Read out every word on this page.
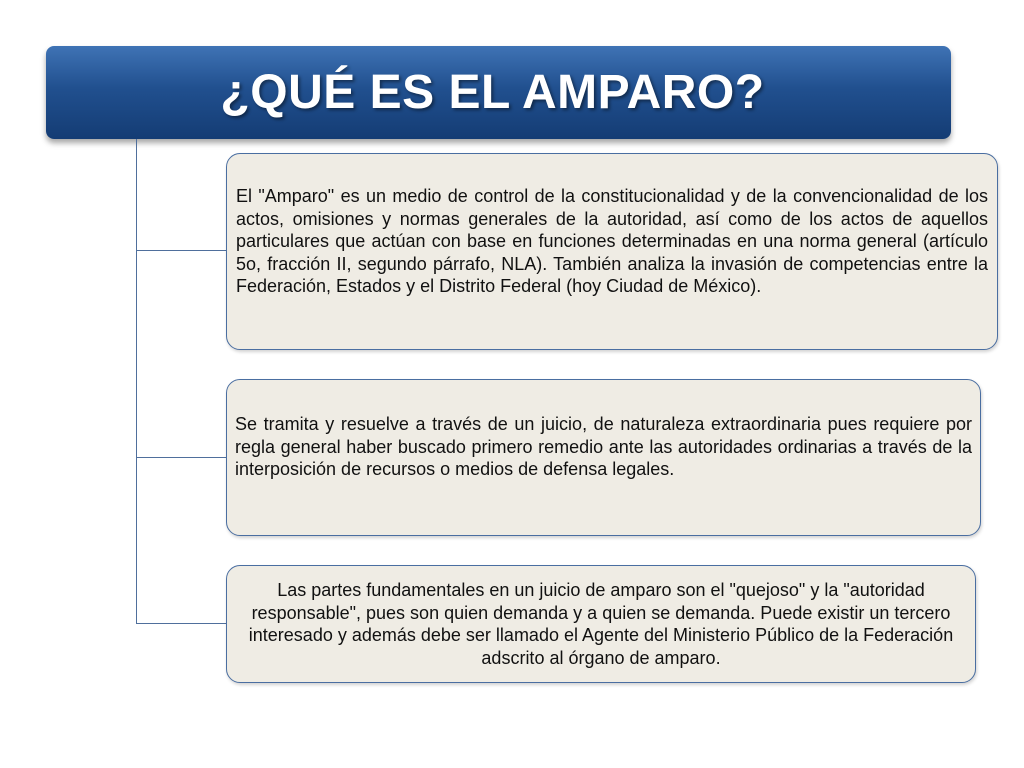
¿QUÉ ES EL AMPARO?

El "Amparo" es un medio de control de la constitucionalidad y de la convencionalidad de los actos, omisiones y normas generales de la autoridad, así como de los actos de aquellos particulares que actúan con base en funciones determinadas en una norma general (artículo 5o, fracción II, segundo párrafo, NLA). También analiza la invasión de competencias entre la Federación, Estados y el Distrito Federal (hoy Ciudad de México).

Se tramita y resuelve a través de un juicio, de naturaleza extraordinaria pues requiere por regla general haber buscado primero remedio ante las autoridades ordinarias a través de la interposición de recursos o medios de defensa legales.

Las partes fundamentales en un juicio de amparo son el "quejoso" y la "autoridad responsable", pues son quien demanda y a quien se demanda. Puede existir un tercero interesado y además debe ser llamado el Agente del Ministerio Público de la Federación adscrito al órgano de amparo.
